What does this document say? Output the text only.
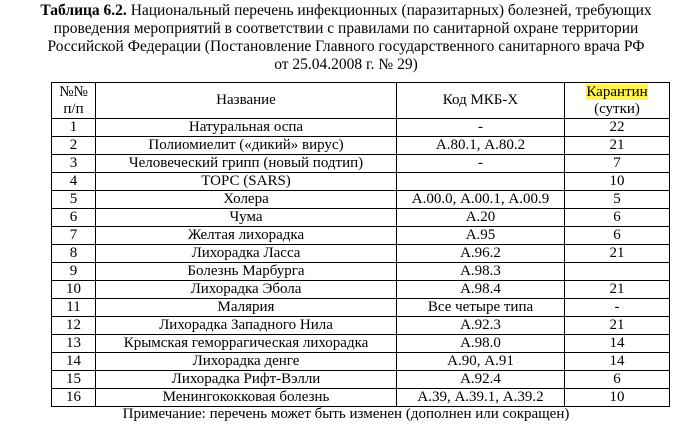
Таблица 6.2. Национальный перечень инфекционных (паразитарных) болезней, требующих

проведения мероприятий в соответствии с правилами по санитарной охране территории

Российской Федерации (Постановление Главного государственного санитарного врача РФ

от 25.04.2008 г. № 29)

№№
п/п	Название	Код МКБ-Х	Карантин
(сутки)
1	Натуральная оспа	-	22
2	Полиомиелит («дикий» вирус)	А.80.1, А.80.2	21
3	Человеческий грипп (новый подтип)	-	7
4	ТОРС (SARS)		10
5	Холера	А.00.0, А.00.1, А.00.9	5
6	Чума	А.20	6
7	Желтая лихорадка	А.95	6
8	Лихорадка Ласса	А.96.2	21
9	Болезнь Марбурга	А.98.3	
10	Лихорадка Эбола	А.98.4	21
11	Малярия	Все четыре типа	-
12	Лихорадка Западного Нила	А.92.3	21
13	Крымская геморрагическая лихорадка	А.98.0	14
14	Лихорадка денге	А.90, А.91	14
15	Лихорадка Рифт-Вэлли	А.92.4	6
16	Менингококковая болезнь	А.39, А.39.1, А.39.2	10
Примечание: перечень может быть изменен (дополнен или сокращен)
